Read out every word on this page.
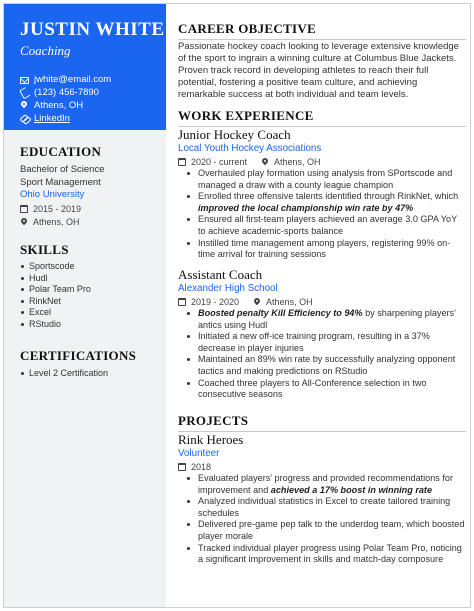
JUSTIN WHITE
Coaching
jwhite@email.com
(123) 456-7890
Athens, OH
LinkedIn
EDUCATION
Bachelor of Science Sport Management
Ohio University
2015 - 2019
Athens, OH
SKILLS
Sportscode
Hudl
Polar Team Pro
RinkNet
Excel
RStudio
CERTIFICATIONS
Level 2 Certification
CAREER OBJECTIVE
Passionate hockey coach looking to leverage extensive knowledge of the sport to ingrain a winning culture at Columbus Blue Jackets. Proven track record in developing athletes to reach their full potential, fostering a positive team culture, and achieving remarkable success at both individual and team levels.
WORK EXPERIENCE
Junior Hockey Coach
Local Youth Hockey Associations
2020 - current	Athens, OH
Overhauled play formation using analysis from SPortscode and managed a draw with a county league champion
Enrolled three offensive talents identified through RinkNet, which improved the local championship win rate by 47%
Ensured all first-team players achieved an average 3.0 GPA YoY to achieve academic-sports balance
Instilled time management among players, registering 99% on-time arrival for training sessions
Assistant Coach
Alexander High School
2019 - 2020	Athens, OH
Boosted penalty Kill Efficiency to 94% by sharpening players' antics using Hudl
Initiated a new off-ice training program, resulting in a 37% decrease in player injuries
Maintained an 89% win rate by successfully analyzing opponent tactics and making predictions on RStudio
Coached three players to All-Conference selection in two consecutive seasons
PROJECTS
Rink Heroes
Volunteer
2018
Evaluated players' progress and provided recommendations for improvement and achieved a 17% boost in winning rate
Analyzed individual statistics in Excel to create tailored training schedules
Delivered pre-game pep talk to the underdog team, which boosted player morale
Tracked individual player progress using Polar Team Pro, noticing a significant improvement in skills and match-day composure
